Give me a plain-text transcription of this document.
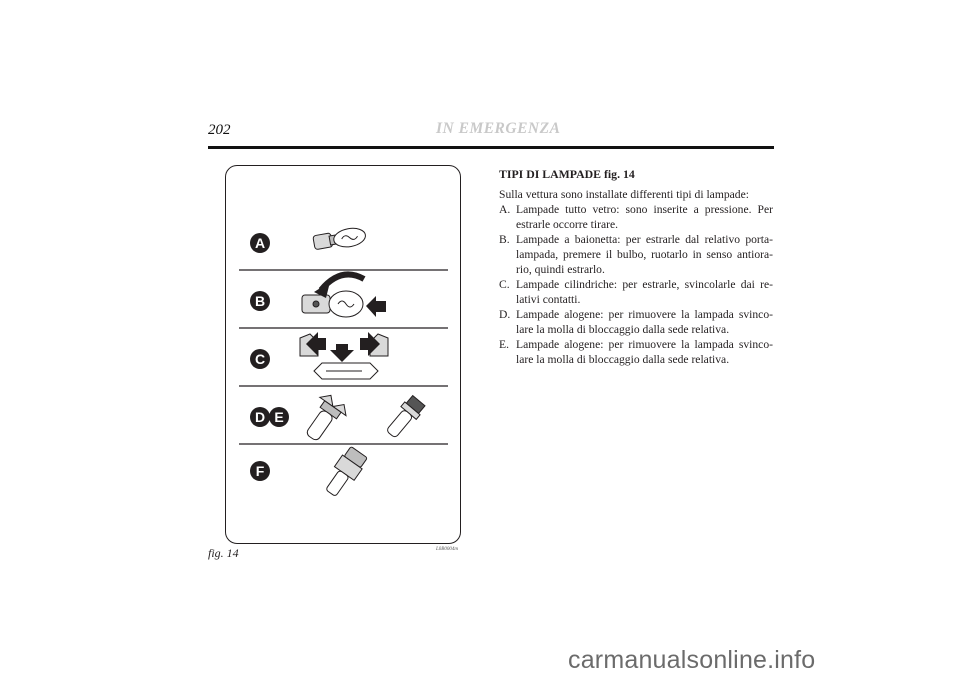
202	IN EMERGENZA
A
B
C
D E
F
fig. 14	L0B0004m
TIPI DI LAMPADE fig. 14
Sulla vettura sono installate differenti tipi di lampade:
A. Lampade tutto vetro: sono inserite a pressione. Per estrarle occorre tirare.
B. Lampade a baionetta: per estrarle dal relativo porta-lampada, premere il bulbo, ruotarlo in senso antiora-rio, quindi estrarlo.
C. Lampade cilindriche: per estrarle, svincolarle dai re-lativi contatti.
D. Lampade alogene: per rimuovere la lampada svinco-lare la molla di bloccaggio dalla sede relativa.
E. Lampade alogene: per rimuovere la lampada svinco-lare la molla di bloccaggio dalla sede relativa.
carmanualsonline.info
